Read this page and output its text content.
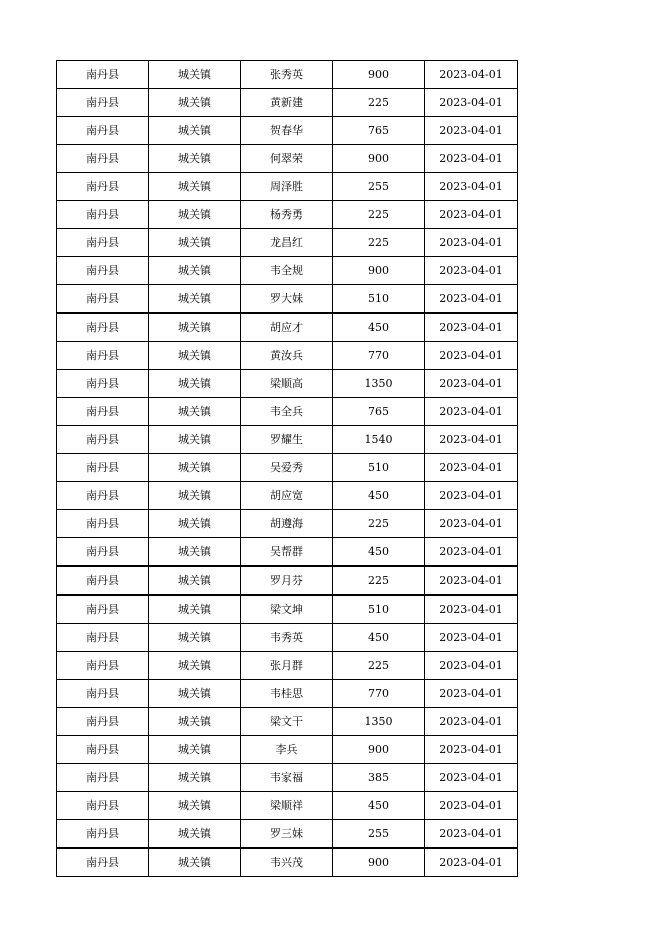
南丹县	城关镇	张秀英	900	2023-04-01
南丹县	城关镇	黄新建	225	2023-04-01
南丹县	城关镇	贺春华	765	2023-04-01
南丹县	城关镇	何翠荣	900	2023-04-01
南丹县	城关镇	周泽胜	255	2023-04-01
南丹县	城关镇	杨秀勇	225	2023-04-01
南丹县	城关镇	龙昌红	225	2023-04-01
南丹县	城关镇	韦全规	900	2023-04-01
南丹县	城关镇	罗大妹	510	2023-04-01
南丹县	城关镇	胡应才	450	2023-04-01
南丹县	城关镇	黄汝兵	770	2023-04-01
南丹县	城关镇	梁顺高	1350	2023-04-01
南丹县	城关镇	韦全兵	765	2023-04-01
南丹县	城关镇	罗耀生	1540	2023-04-01
南丹县	城关镇	吴爱秀	510	2023-04-01
南丹县	城关镇	胡应宽	450	2023-04-01
南丹县	城关镇	胡遵海	225	2023-04-01
南丹县	城关镇	吴帮群	450	2023-04-01
南丹县	城关镇	罗月芬	225	2023-04-01
南丹县	城关镇	梁文坤	510	2023-04-01
南丹县	城关镇	韦秀英	450	2023-04-01
南丹县	城关镇	张月群	225	2023-04-01
南丹县	城关镇	韦桂思	770	2023-04-01
南丹县	城关镇	梁文干	1350	2023-04-01
南丹县	城关镇	李兵	900	2023-04-01
南丹县	城关镇	韦家福	385	2023-04-01
南丹县	城关镇	梁顺祥	450	2023-04-01
南丹县	城关镇	罗三妹	255	2023-04-01
南丹县	城关镇	韦兴茂	900	2023-04-01
